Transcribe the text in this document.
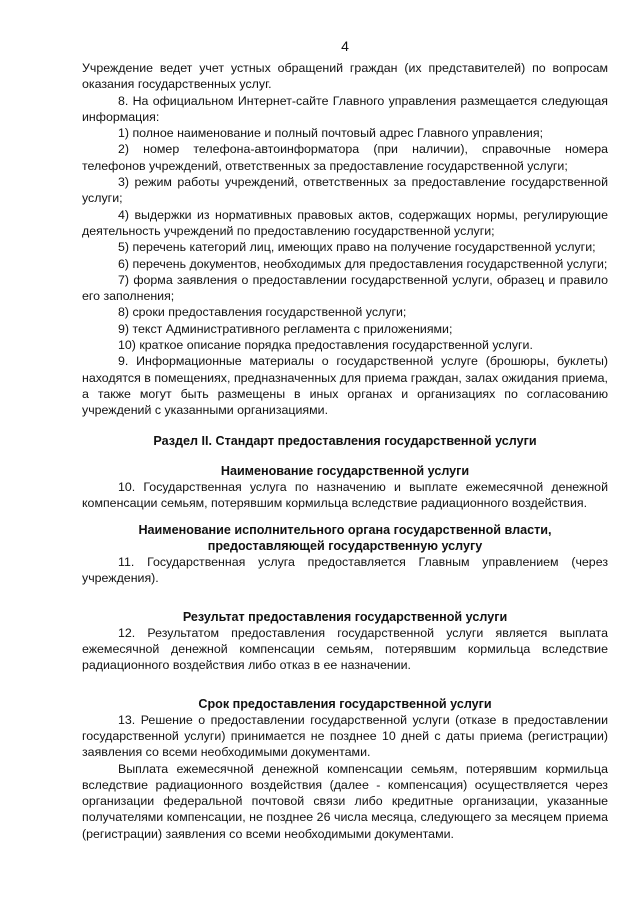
4

Учреждение ведет учет устных обращений граждан (их представителей) по вопросам оказания государственных услуг.

8. На официальном Интернет-сайте Главного управления размещается следующая информация:

1) полное наименование и полный почтовый адрес Главного управления;

2) номер телефона-автоинформатора (при наличии), справочные номера телефонов учреждений, ответственных за предоставление государственной услуги;

3) режим работы учреждений, ответственных за предоставление государственной услуги;

4) выдержки из нормативных правовых актов, содержащих нормы, регулирующие деятельность учреждений по предоставлению государственной услуги;

5) перечень категорий лиц, имеющих право на получение государственной услуги;

6) перечень документов, необходимых для предоставления государственной услуги;

7) форма заявления о предоставлении государственной услуги, образец и правило его заполнения;

8) сроки предоставления государственной услуги;

9) текст Административного регламента с приложениями;

10) краткое описание порядка предоставления государственной услуги.

9. Информационные материалы о государственной услуге (брошюры, буклеты) находятся в помещениях, предназначенных для приема граждан, залах ожидания приема, а также могут быть размещены в иных органах и организациях по согласованию учреждений с указанными организациями.

Раздел II. Стандарт предоставления государственной услуги

Наименование государственной услуги

10. Государственная услуга по назначению и выплате ежемесячной денежной компенсации семьям, потерявшим кормильца вследствие радиационного воздействия.

Наименование исполнительного органа государственной власти,

предоставляющей государственную услугу

11. Государственная услуга предоставляется Главным управлением (через учреждения).

Результат предоставления государственной услуги

12. Результатом предоставления государственной услуги является выплата ежемесячной денежной компенсации семьям, потерявшим кормильца вследствие радиационного воздействия либо отказ в ее назначении.

Срок предоставления государственной услуги

13. Решение о предоставлении государственной услуги (отказе в предоставлении государственной услуги) принимается не позднее 10 дней с даты приема (регистрации) заявления со всеми необходимыми документами.

Выплата ежемесячной денежной компенсации семьям, потерявшим кормильца вследствие радиационного воздействия (далее - компенсация) осуществляется через организации федеральной почтовой связи либо кредитные организации, указанные получателями компенсации, не позднее 26 числа месяца, следующего за месяцем приема (регистрации) заявления со всеми необходимыми документами.
